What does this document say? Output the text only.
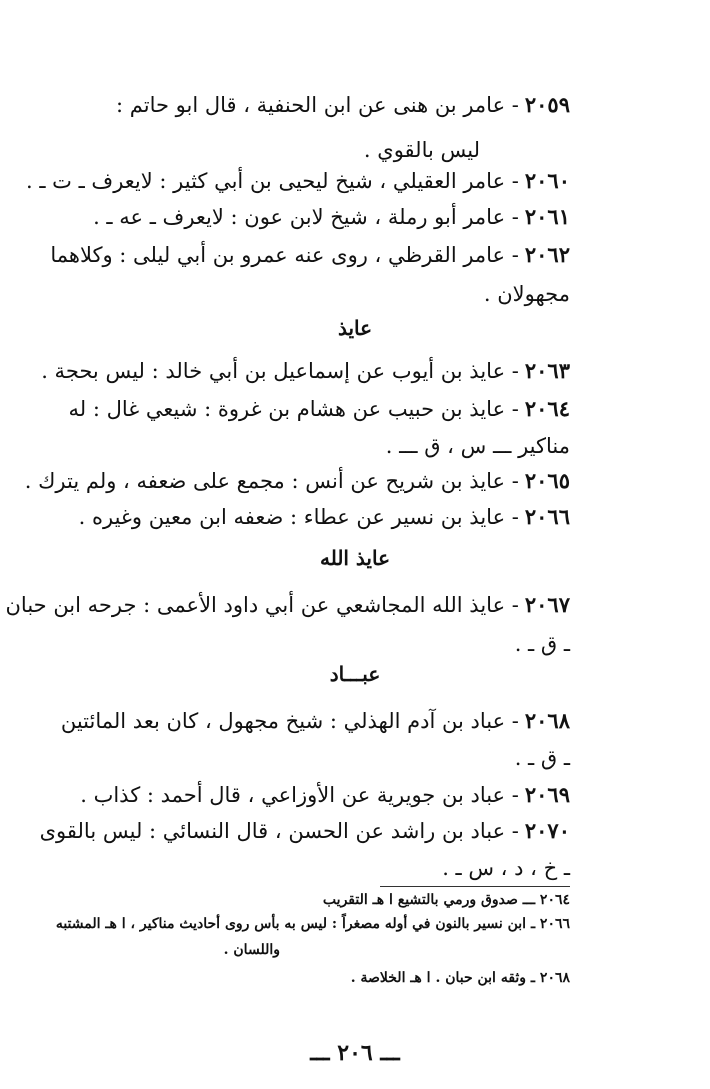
٢٠٥٩- عامر بن هنى عن ابن الحنفية ، قال ابو حاتم :
ليس بالقوي .
٢٠٦٠- عامر العقيلي ، شيخ ليحيى بن أبي كثير : لايعرف ـ ت ـ .
٢٠٦١- عامر أبو رملة ، شيخ لابن عون : لايعرف ـ عه ـ .
٢٠٦٢- عامر القرظي ، روى عنه عمرو بن أبي ليلى : وكلاهما
مجهولان .
عايذ
٢٠٦٣- عايذ بن أيوب عن إسماعيل بن أبي خالد : ليس بحجة .
٢٠٦٤- عايذ بن حبيب عن هشام بن غروة : شيعي غال : له
مناكير ـــ س ، ق ـــ .
٢٠٦٥- عايذ بن شريح عن أنس : مجمع على ضعفه ، ولم يترك .
٢٠٦٦- عايذ بن نسير عن عطاء : ضعفه ابن معين وغيره .
عايذ الله
٢٠٦٧- عايذ الله المجاشعي عن أبي داود الأعمى : جرحه ابن حبان
ـ ق ـ .
عبـــاد
٢٠٦٨- عباد بن آدم الهذلي : شيخ مجهول ، كان بعد المائتين
ـ ق ـ .
٢٠٦٩- عباد بن جويرية عن الأوزاعي ، قال أحمد : كذاب .
٢٠٧٠- عباد بن راشد عن الحسن ، قال النسائي : ليس بالقوى
ـ خ ، د ، س ـ .
٢٠٦٤ ـــ صدوق ورمي بالتشيع ا هـ التقريب
٢٠٦٦ ـ ابن نسير بالنون في أوله مصغراً : ليس به بأس روى أحاديث مناكير ، ا هـ المشتبه
واللسان .
٢٠٦٨ ـ وثقه ابن حبان . ا هـ الخلاصة .
ـــ ٢٠٦ ـــ
